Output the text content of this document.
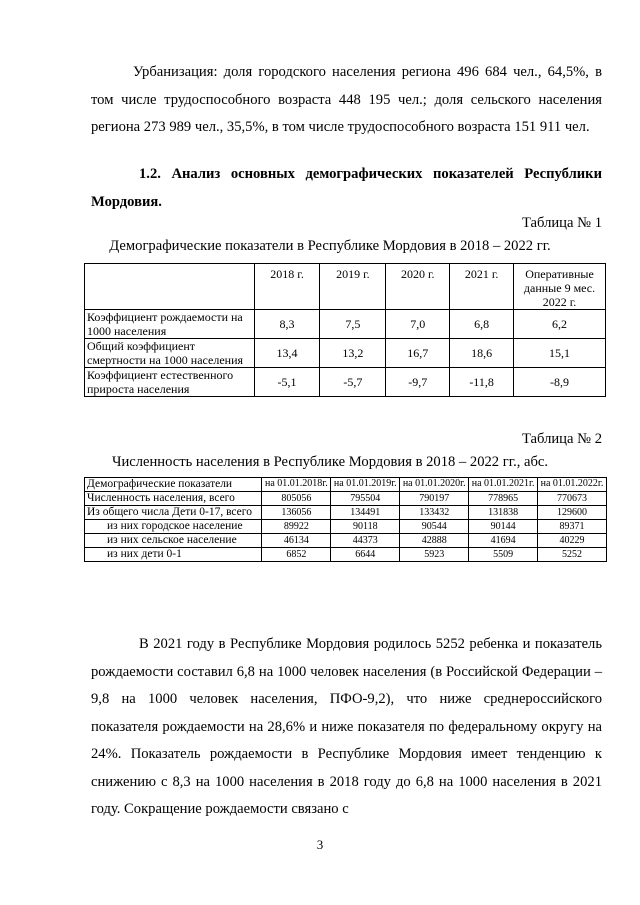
Урбанизация: доля городского населения региона 496 684 чел., 64,5%, в том числе трудоспособного возраста 448 195 чел.; доля сельского населения региона 273 989 чел., 35,5%, в том числе трудоспособного возраста 151 911 чел.
1.2. Анализ основных демографических показателей Республики Мордовия.
Таблица № 1
Демографические показатели в Республике Мордовия в 2018 – 2022 гг.
	2018 г.	2019 г.	2020 г.	2021 г.	Оперативные данные 9 мес. 2022 г.
Коэффициент рождаемости на 1000 населения	8,3	7,5	7,0	6,8	6,2
Общий коэффициент смертности на 1000 населения	13,4	13,2	16,7	18,6	15,1
Коэффициент естественного прироста населения	-5,1	-5,7	-9,7	-11,8	-8,9
Таблица № 2
Численность населения в Республике Мордовия в 2018 – 2022 гг., абс.
Демографические показатели	на 01.01.2018г.	на 01.01.2019г.	на 01.01.2020г.	на 01.01.2021г.	на 01.01.2022г.
Численность населения, всего	805056	795504	790197	778965	770673
Из общего числа Дети 0-17, всего	136056	134491	133432	131838	129600
из них городское население	89922	90118	90544	90144	89371
из них сельское население	46134	44373	42888	41694	40229
из них дети 0-1	6852	6644	5923	5509	5252
В 2021 году в Республике Мордовия родилось 5252 ребенка и показатель рождаемости составил 6,8 на 1000 человек населения (в Российской Федерации –9,8 на 1000 человек населения, ПФО-9,2), что ниже среднероссийского показателя рождаемости на 28,6% и ниже показателя по федеральному округу на 24%. Показатель рождаемости в Республике Мордовия имеет тенденцию к снижению с 8,3 на 1000 населения в 2018 году до 6,8 на 1000 населения в 2021 году. Сокращение рождаемости связано с
3
